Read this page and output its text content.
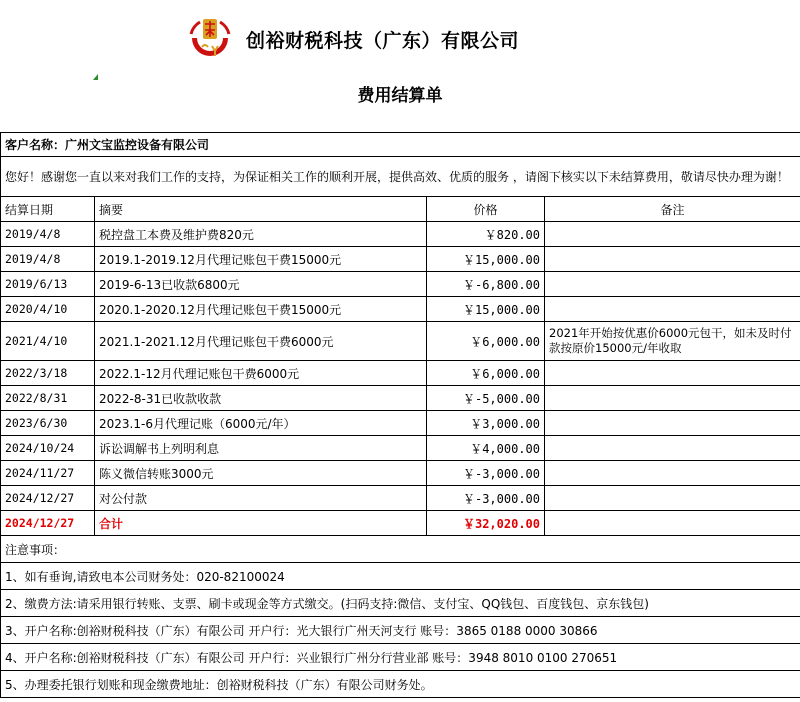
创裕财税科技（广东）有限公司
费用结算单
客户名称：广州文宝监控设备有限公司			
您好！感谢您一直以来对我们工作的支持，为保证相关工作的顺利开展，提供高效、优质的服务 ，请阁下核实以下未结算费用，敬请尽快办理为谢！			
结算日期	摘要	价格	备注
2019/4/8	税控盘工本费及维护费820元	￥820.00	
2019/4/8	2019.1-2019.12月代理记账包干费15000元	￥15,000.00	
2019/6/13	2019-6-13已收款6800元	￥-6,800.00	
2020/4/10	2020.1-2020.12月代理记账包干费15000元	￥15,000.00	
2021/4/10	2021.1-2021.12月代理记账包干费6000元	￥6,000.00	2021年开始按优惠价6000元包干，如未及时付款按原价15000元/年收取
2022/3/18	2022.1-12月代理记账包干费6000元	￥6,000.00	
2022/8/31	2022-8-31已收款收款	￥-5,000.00	
2023/6/30	2023.1-6月代理记账（6000元/年）	￥3,000.00	
2024/10/24	诉讼调解书上列明利息	￥4,000.00	
2024/11/27	陈义微信转账3000元	￥-3,000.00	
2024/12/27	对公付款	￥-3,000.00	
2024/12/27	合计	￥32,020.00	
注意事项：			
1、如有垂询,请致电本公司财务处：020-82100024			
2、缴费方法:请采用银行转账、支票、刷卡或现金等方式缴交。(扫码支持:微信、支付宝、QQ钱包、百度钱包、京东钱包)			
3、开户名称:创裕财税科技（广东）有限公司 开户行：光大银行广州天河支行 账号：3865 0188 0000 30866			
4、开户名称:创裕财税科技（广东）有限公司 开户行：兴业银行广州分行营业部 账号：3948 8010 0100 270651			
5、办理委托银行划账和现金缴费地址：创裕财税科技（广东）有限公司财务处。			
